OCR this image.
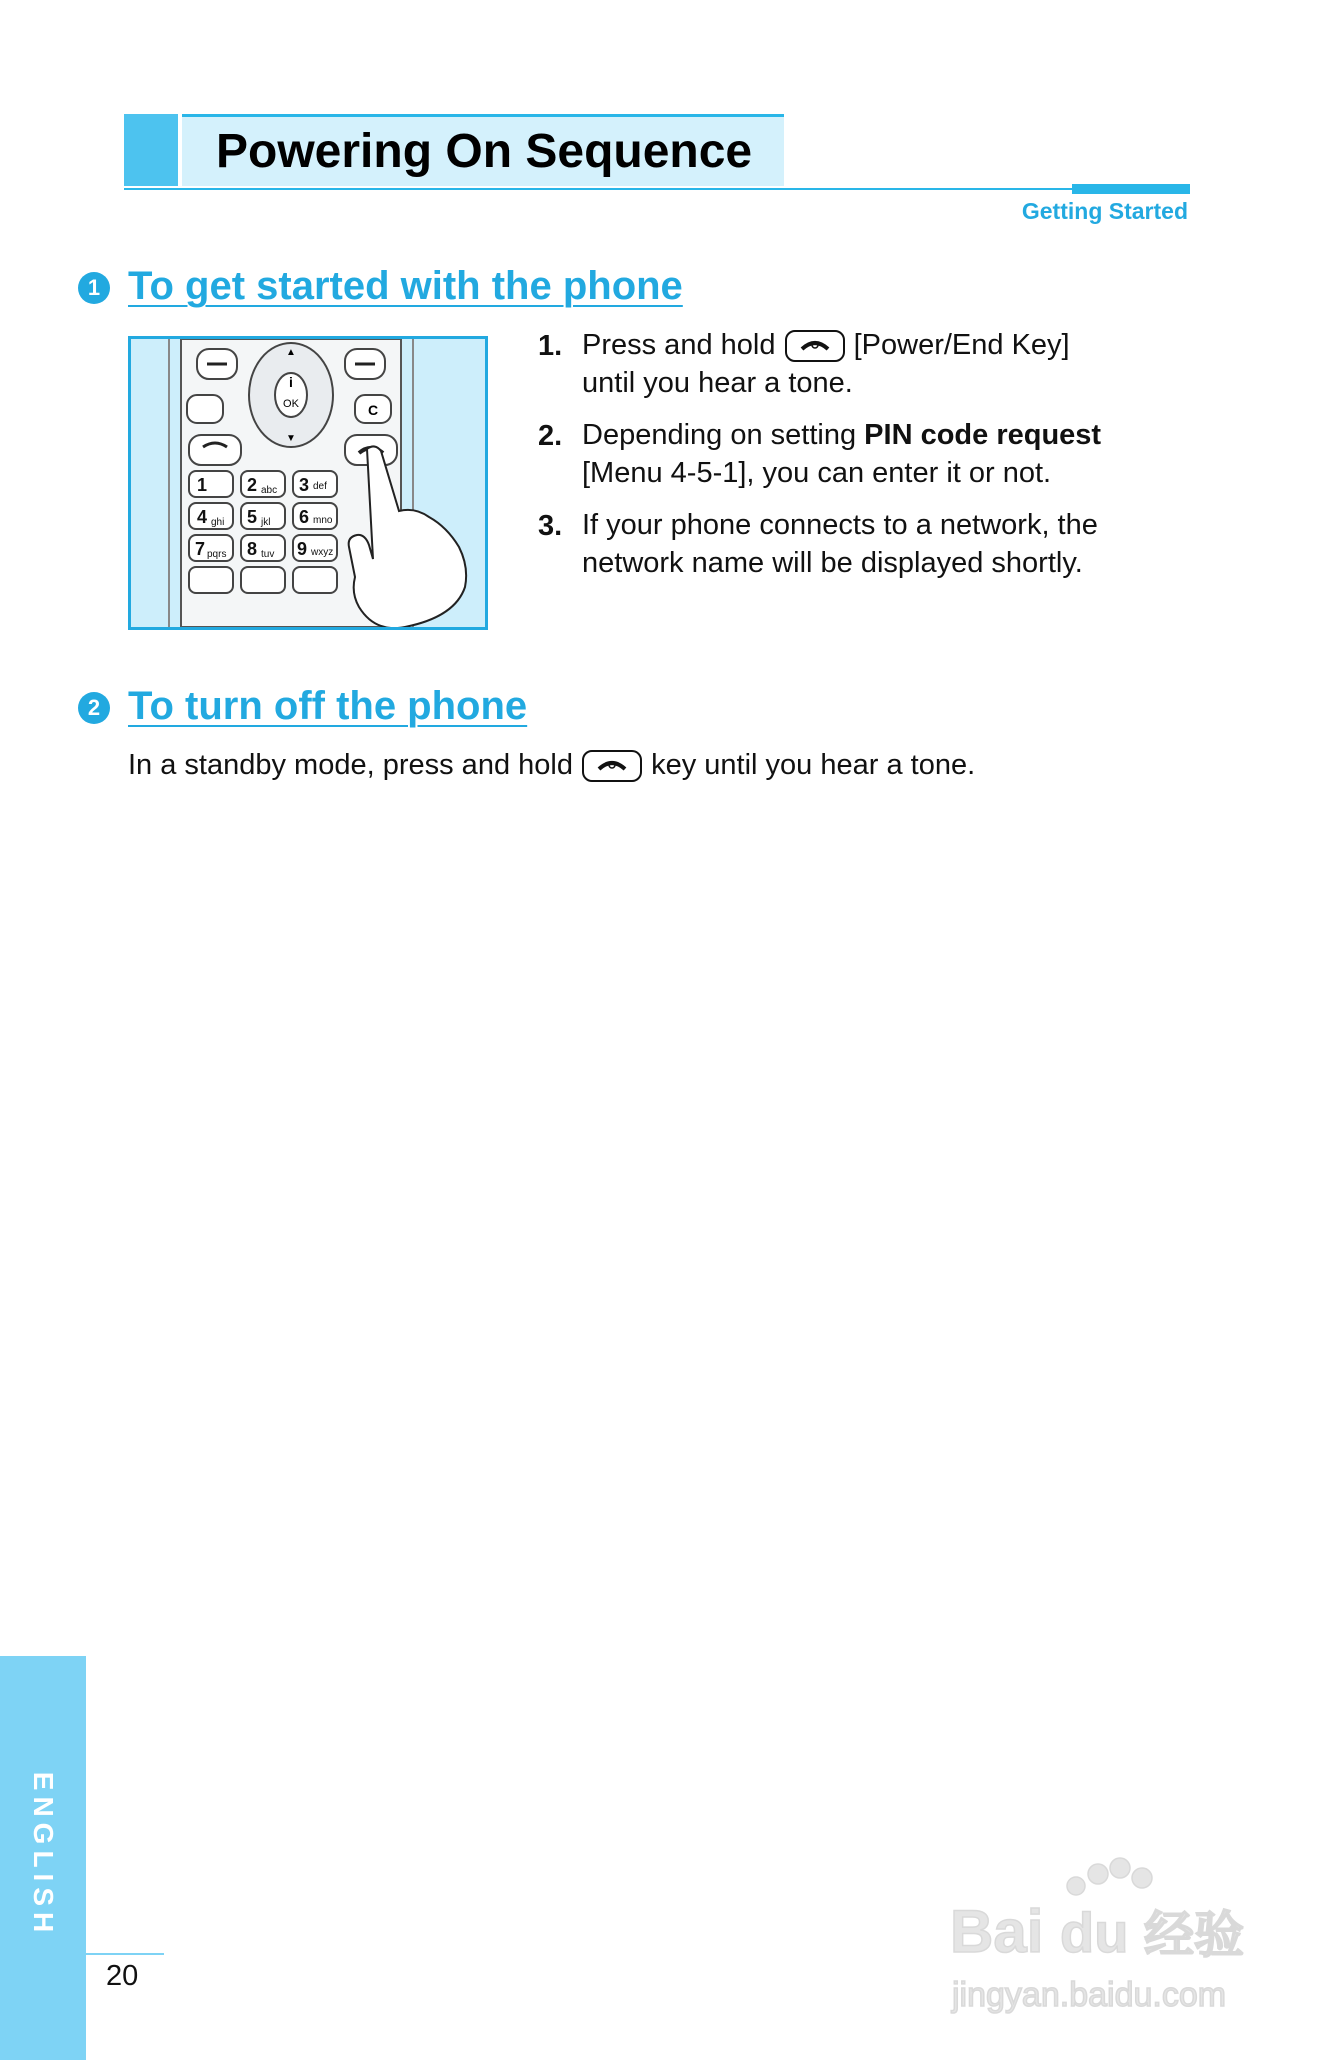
Powering On Sequence
Getting Started
1 To get started with the phone
i
OK
▲
▼
C
1 2 abc 3 def
4 ghi 5 jkl 6 mno
7 pqrs 8 tuv 9 wxyz
1. Press and hold	[Power/End Key]
until you hear a tone.
2. Depending on setting PIN code request
[Menu 4-5-1], you can enter it or not.
3. If your phone connects to a network, the
network name will be displayed shortly.
2 To turn off the phone
In a standby mode, press and hold	key until you hear a tone.
ENGLISH
20
Bai du 经验
jingyan.baidu.com
